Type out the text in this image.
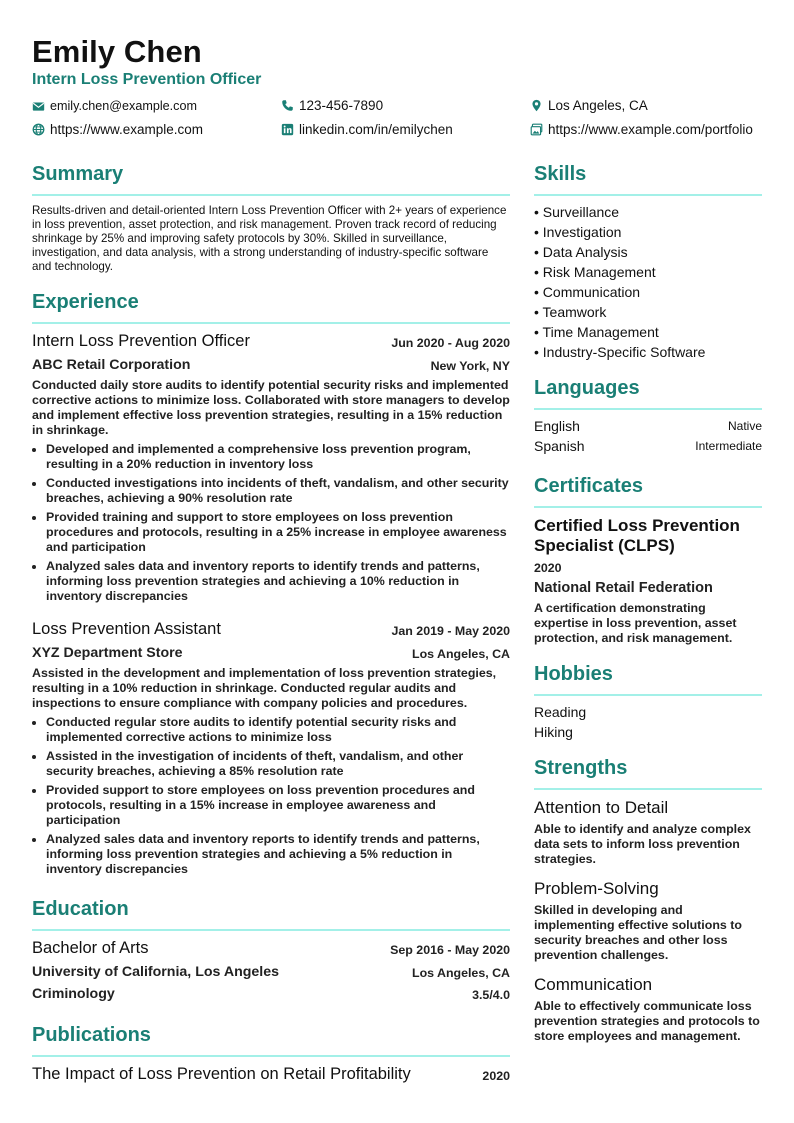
Emily Chen
Intern Loss Prevention Officer
emily.chen@example.com	123-456-7890	Los Angeles, CA
https://www.example.com	linkedin.com/in/emilychen	https://www.example.com/portfolio
Summary
Results-driven and detail-oriented Intern Loss Prevention Officer with 2+ years of experience in loss prevention, asset protection, and risk management. Proven track record of reducing shrinkage by 25% and improving safety protocols by 30%. Skilled in surveillance, investigation, and data analysis, with a strong understanding of industry-specific software and technology.
Experience
Intern Loss Prevention Officer	Jun 2020 - Aug 2020
ABC Retail Corporation	New York, NY
Conducted daily store audits to identify potential security risks and implemented corrective actions to minimize loss. Collaborated with store managers to develop and implement effective loss prevention strategies, resulting in a 15% reduction in shrinkage.
• Developed and implemented a comprehensive loss prevention program, resulting in a 20% reduction in inventory loss
• Conducted investigations into incidents of theft, vandalism, and other security breaches, achieving a 90% resolution rate
• Provided training and support to store employees on loss prevention procedures and protocols, resulting in a 25% increase in employee awareness and participation
• Analyzed sales data and inventory reports to identify trends and patterns, informing loss prevention strategies and achieving a 10% reduction in inventory discrepancies
Loss Prevention Assistant	Jan 2019 - May 2020
XYZ Department Store	Los Angeles, CA
Assisted in the development and implementation of loss prevention strategies, resulting in a 10% reduction in shrinkage. Conducted regular audits and inspections to ensure compliance with company policies and procedures.
• Conducted regular store audits to identify potential security risks and implemented corrective actions to minimize loss
• Assisted in the investigation of incidents of theft, vandalism, and other security breaches, achieving a 85% resolution rate
• Provided support to store employees on loss prevention procedures and protocols, resulting in a 15% increase in employee awareness and participation
• Analyzed sales data and inventory reports to identify trends and patterns, informing loss prevention strategies and achieving a 5% reduction in inventory discrepancies
Education
Bachelor of Arts	Sep 2016 - May 2020
University of California, Los Angeles	Los Angeles, CA
Criminology	3.5/4.0
Publications
The Impact of Loss Prevention on Retail Profitability	2020
Skills
• Surveillance
• Investigation
• Data Analysis
• Risk Management
• Communication
• Teamwork
• Time Management
• Industry-Specific Software
Languages
English	Native
Spanish	Intermediate
Certificates
Certified Loss Prevention Specialist (CLPS)
2020
National Retail Federation
A certification demonstrating expertise in loss prevention, asset protection, and risk management.
Hobbies
Reading
Hiking
Strengths
Attention to Detail
Able to identify and analyze complex data sets to inform loss prevention strategies.
Problem-Solving
Skilled in developing and implementing effective solutions to security breaches and other loss prevention challenges.
Communication
Able to effectively communicate loss prevention strategies and protocols to store employees and management.
